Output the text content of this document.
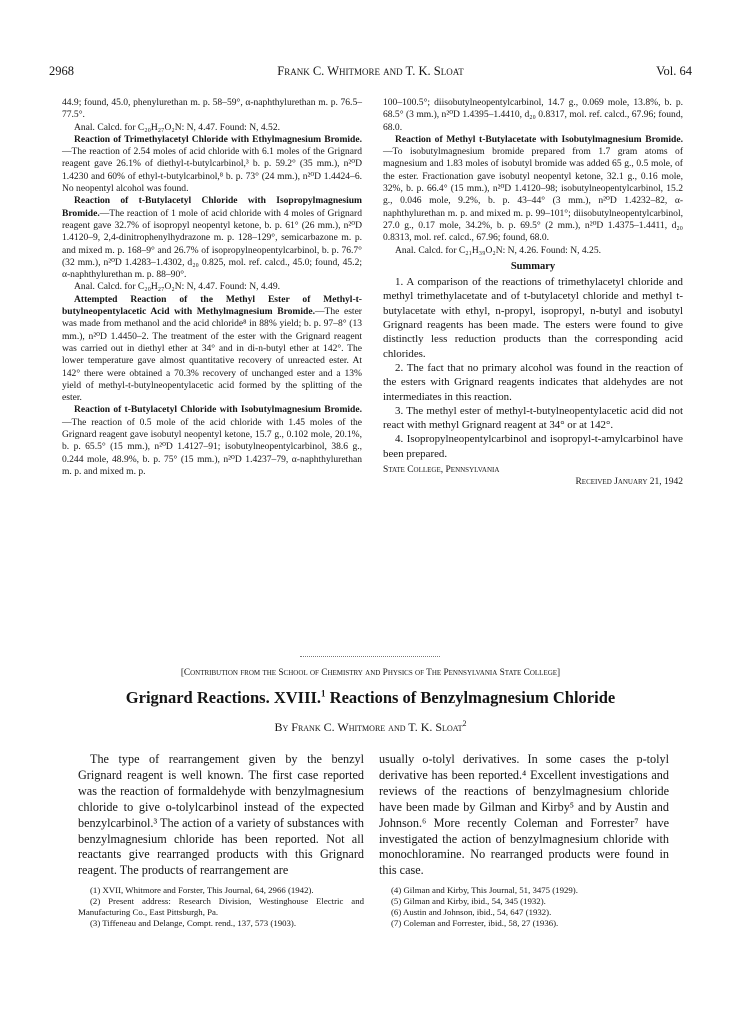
2968	Frank C. Whitmore and T. K. Sloat	Vol. 64

44.9; found, 45.0, phenylurethan m. p. 58–59°, α-naphthylurethan m. p. 76.5–77.5°.

Anal. Calcd. for C₂₀H₂₇O₂N: N, 4.47. Found: N, 4.52.

Reaction of Trimethylacetyl Chloride with Ethylmagnesium Bromide.—The reaction of 2.54 moles of acid chloride with 6.1 moles of the Grignard reagent gave 26.1% of diethyl-t-butylcarbinol,³ b. p. 59.2° (35 mm.), n²⁰D 1.4230 and 60% of ethyl-t-butylcarbinol,⁸ b. p. 73° (24 mm.), n²⁰D 1.4424–6. No neopentyl alcohol was found.

Reaction of t-Butylacetyl Chloride with Isopropylmagnesium Bromide.—The reaction of 1 mole of acid chloride with 4 moles of Grignard reagent gave 32.7% of isopropyl neopentyl ketone, b. p. 61° (26 mm.), n²⁰D 1.4120–9, 2,4-dinitrophenylhydrazone m. p. 128–129°, semicarbazone m. p. and mixed m. p. 168–9° and 26.7% of isopropylneopentylcarbinol, b. p. 76.7° (32 mm.), n²⁰D 1.4283–1.4302, d₂₀ 0.825, mol. ref. calcd., 45.0; found, 45.2; α-naphthylurethan m. p. 88–90°.

Anal. Calcd. for C₂₀H₂₇O₂N: N, 4.47. Found: N, 4.49.

Attempted Reaction of the Methyl Ester of Methyl-t-butylneopentylacetic Acid with Methylmagnesium Bromide.—The ester was made from methanol and the acid chloride⁸ in 88% yield; b. p. 97–8° (13 mm.), n²⁰D 1.4450–2. The treatment of the ester with the Grignard reagent was carried out in diethyl ether at 34° and in di-n-butyl ether at 142°. The lower temperature gave almost quantitative recovery of unreacted ester. At 142° there were obtained a 70.3% recovery of unchanged ester and a 13% yield of methyl-t-butylneopentylacetic acid formed by the splitting of the ester.

Reaction of t-Butylacetyl Chloride with Isobutylmagnesium Bromide.—The reaction of 0.5 mole of the acid chloride with 1.45 moles of the Grignard reagent gave isobutyl neopentyl ketone, 15.7 g., 0.102 mole, 20.1%, b. p. 65.5° (15 mm.), n²⁰D 1.4127–91; isobutylneopentylcarbinol, 38.6 g., 0.244 mole, 48.9%, b. p. 75° (15 mm.), n²⁰D 1.4237–79, α-naphthylurethan m. p. and mixed m. p.

100–100.5°; diisobutylneopentylcarbinol, 14.7 g., 0.069 mole, 13.8%, b. p. 68.5° (3 mm.), n²⁰D 1.4395–1.4410, d₂₀ 0.8317, mol. ref. calcd., 67.96; found, 68.0.

Reaction of Methyl t-Butylacetate with Isobutylmagnesium Bromide.—To isobutylmagnesium bromide prepared from 1.7 gram atoms of magnesium and 1.83 moles of isobutyl bromide was added 65 g., 0.5 mole, of the ester. Fractionation gave isobutyl neopentyl ketone, 32.1 g., 0.16 mole, 32%, b. p. 66.4° (15 mm.), n²⁰D 1.4120–98; isobutylneopentylcarbinol, 15.2 g., 0.046 mole, 9.2%, b. p. 43–44° (3 mm.), n²⁰D 1.4232–82, α-naphthylurethan m. p. and mixed m. p. 99–101°; diisobutylneopentylcarbinol, 27.0 g., 0.17 mole, 34.2%, b. p. 69.5° (2 mm.), n²⁰D 1.4375–1.4411, d₂₀ 0.8313, mol. ref. calcd., 67.96; found, 68.0.

Anal. Calcd. for C₂₁H₃₉O₂N: N, 4.26. Found: N, 4.25.

Summary

1. A comparison of the reactions of trimethylacetyl chloride and methyl trimethylacetate and of t-butylacetyl chloride and methyl t-butylacetate with ethyl, n-propyl, isopropyl, n-butyl and isobutyl Grignard reagents has been made. The esters were found to give distinctly less reduction products than the corresponding acid chlorides.

2. The fact that no primary alcohol was found in the reaction of the esters with Grignard reagents indicates that aldehydes are not intermediates in this reaction.

3. The methyl ester of methyl-t-butylneopentylacetic acid did not react with methyl Grignard reagent at 34° or at 142°.

4. Isopropylneopentylcarbinol and isopropyl-t-amylcarbinol have been prepared.

State College, Pennsylvania
Received January 21, 1942
[Contribution from the School of Chemistry and Physics of The Pennsylvania State College]
Grignard Reactions. XVIII.$^1$ Reactions of Benzylmagnesium Chloride
By Frank C. Whitmore and T. K. Sloat$^2$

The type of rearrangement given by the benzyl Grignard reagent is well known. The first case reported was the reaction of formaldehyde with benzylmagnesium chloride to give o-tolylcarbinol instead of the expected benzylcarbinol.³ The action of a variety of substances with benzylmagnesium chloride has been reported. Not all reactants give rearranged products with this Grignard reagent. The products of rearrangement are

(1) XVII, Whitmore and Forster, This Journal, 64, 2966 (1942).
(2) Present address: Research Division, Westinghouse Electric and Manufacturing Co., East Pittsburgh, Pa.
(3) Tiffeneau and Delange, Compt. rend., 137, 573 (1903).

usually o-tolyl derivatives. In some cases the p-tolyl derivative has been reported.⁴ Excellent investigations and reviews of the reactions of benzylmagnesium chloride have been made by Gilman and Kirby⁵ and by Austin and Johnson.⁶ More recently Coleman and Forrester⁷ have investigated the action of benzylmagnesium chloride with monochloramine. No rearranged products were found in this case.

(4) Gilman and Kirby, This Journal, 51, 3475 (1929).
(5) Gilman and Kirby, ibid., 54, 345 (1932).
(6) Austin and Johnson, ibid., 54, 647 (1932).
(7) Coleman and Forrester, ibid., 58, 27 (1936).
